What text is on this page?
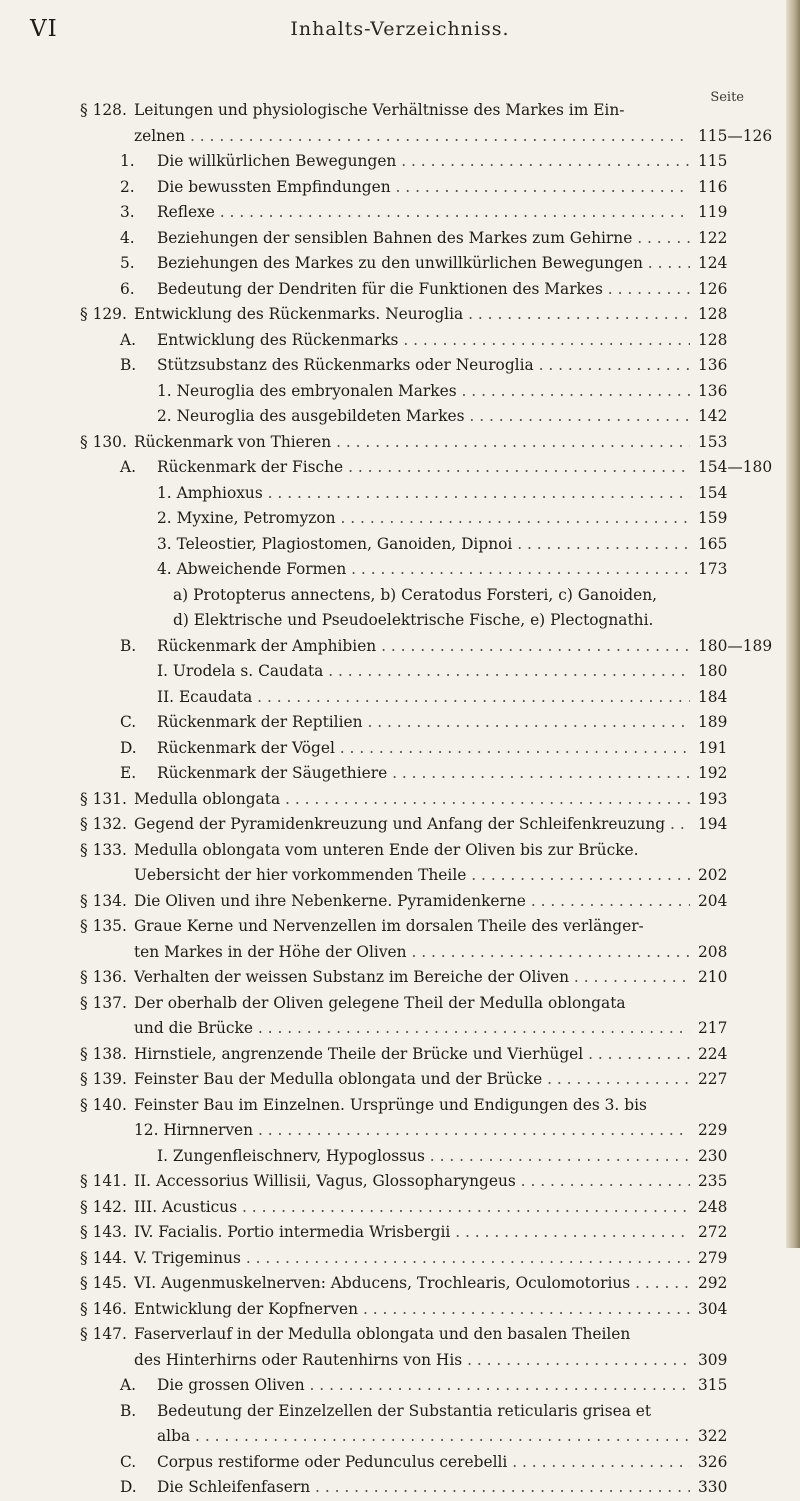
VI	Inhalts-Verzeichniss.
Seite
§ 128. Leitungen und physiologische Verhältnisse des Markes im Ein-
zelnen . . .	115—126
1.	Die willkürlichen Bewegungen . . .	115
2.	Die bewussten Empfindungen . . .	116
3.	Reflexe . . .	119
4.	Beziehungen der sensiblen Bahnen des Markes zum Gehirne . . .	122
5.	Beziehungen des Markes zu den unwillkürlichen Bewegungen . . .	124
6.	Bedeutung der Dendriten für die Funktionen des Markes . . .	126
§ 129. Entwicklung des Rückenmarks. Neuroglia . . .	128
A.	Entwicklung des Rückenmarks . . .	128
B.	Stützsubstanz des Rückenmarks oder Neuroglia . . .	136
1. Neuroglia des embryonalen Markes . . .	136
2. Neuroglia des ausgebildeten Markes . . .	142
§ 130. Rückenmark von Thieren . . .	153
A.	Rückenmark der Fische . . .	154—180
1. Amphioxus . . .	154
2. Myxine, Petromyzon . . .	159
3. Teleostier, Plagiostomen, Ganoiden, Dipnoi . . .	165
4. Abweichende Formen . . .	173
a) Protopterus annectens, b) Ceratodus Forsteri, c) Ganoiden,
d) Elektrische und Pseudoelektrische Fische, e) Plectognathi.
B.	Rückenmark der Amphibien . . .	180—189
I. Urodela s. Caudata . . .	180
II. Ecaudata . . .	184
C.	Rückenmark der Reptilien . . .	189
D.	Rückenmark der Vögel . . .	191
E.	Rückenmark der Säugethiere . . .	192
§ 131. Medulla oblongata . . .	193
§ 132. Gegend der Pyramidenkreuzung und Anfang der Schleifenkreuzung . . .	194
§ 133. Medulla oblongata vom unteren Ende der Oliven bis zur Brücke.
Uebersicht der hier vorkommenden Theile . . .	202
§ 134. Die Oliven und ihre Nebenkerne. Pyramidenkerne . . .	204
§ 135. Graue Kerne und Nervenzellen im dorsalen Theile des verlänger-
ten Markes in der Höhe der Oliven . . .	208
§ 136. Verhalten der weissen Substanz im Bereiche der Oliven . . .	210
§ 137. Der oberhalb der Oliven gelegene Theil der Medulla oblongata
und die Brücke . . .	217
§ 138. Hirnstiele, angrenzende Theile der Brücke und Vierhügel . . .	224
§ 139. Feinster Bau der Medulla oblongata und der Brücke . . .	227
§ 140. Feinster Bau im Einzelnen. Ursprünge und Endigungen des 3. bis
12. Hirnnerven . . .	229
I. Zungenfleischnerv, Hypoglossus . . .	230
§ 141. II. Accessorius Willisii, Vagus, Glossopharyngeus . . .	235
§ 142. III. Acusticus . . .	248
§ 143. IV. Facialis. Portio intermedia Wrisbergii . . .	272
§ 144. V. Trigeminus . . .	279
§ 145. VI. Augenmuskelnerven: Abducens, Trochlearis, Oculomotorius . . .	292
§ 146. Entwicklung der Kopfnerven . . .	304
§ 147. Faserverlauf in der Medulla oblongata und den basalen Theilen
des Hinterhirns oder Rautenhirns von His . . .	309
A.	Die grossen Oliven . . .	315
B.	Bedeutung der Einzelzellen der Substantia reticularis grisea et
alba . . .	322
C.	Corpus restiforme oder Pedunculus cerebelli . . .	326
D.	Die Schleifenfasern . . .	330
